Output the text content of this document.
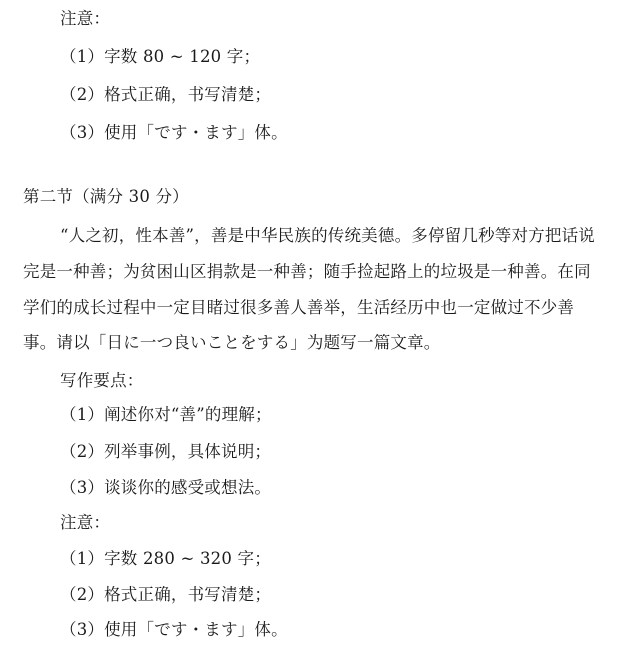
注意：
（1）字数 80 ~ 120 字；
（2）格式正确，书写清楚；
（3）使用「です・ます」体。
第二节（满分 30 分）
“人之初，性本善”，善是中华民族的传统美德。多停留几秒等对方把话说
完是一种善；为贫困山区捐款是一种善；随手捡起路上的垃圾是一种善。在同
学们的成长过程中一定目睹过很多善人善举，生活经历中也一定做过不少善
事。请以「日に一つ良いことをする」为题写一篇文章。
写作要点：
（1）阐述你对“善”的理解；
（2）列举事例，具体说明；
（3）谈谈你的感受或想法。
注意：
（1）字数 280 ~ 320 字；
（2）格式正确，书写清楚；
（3）使用「です・ます」体。
